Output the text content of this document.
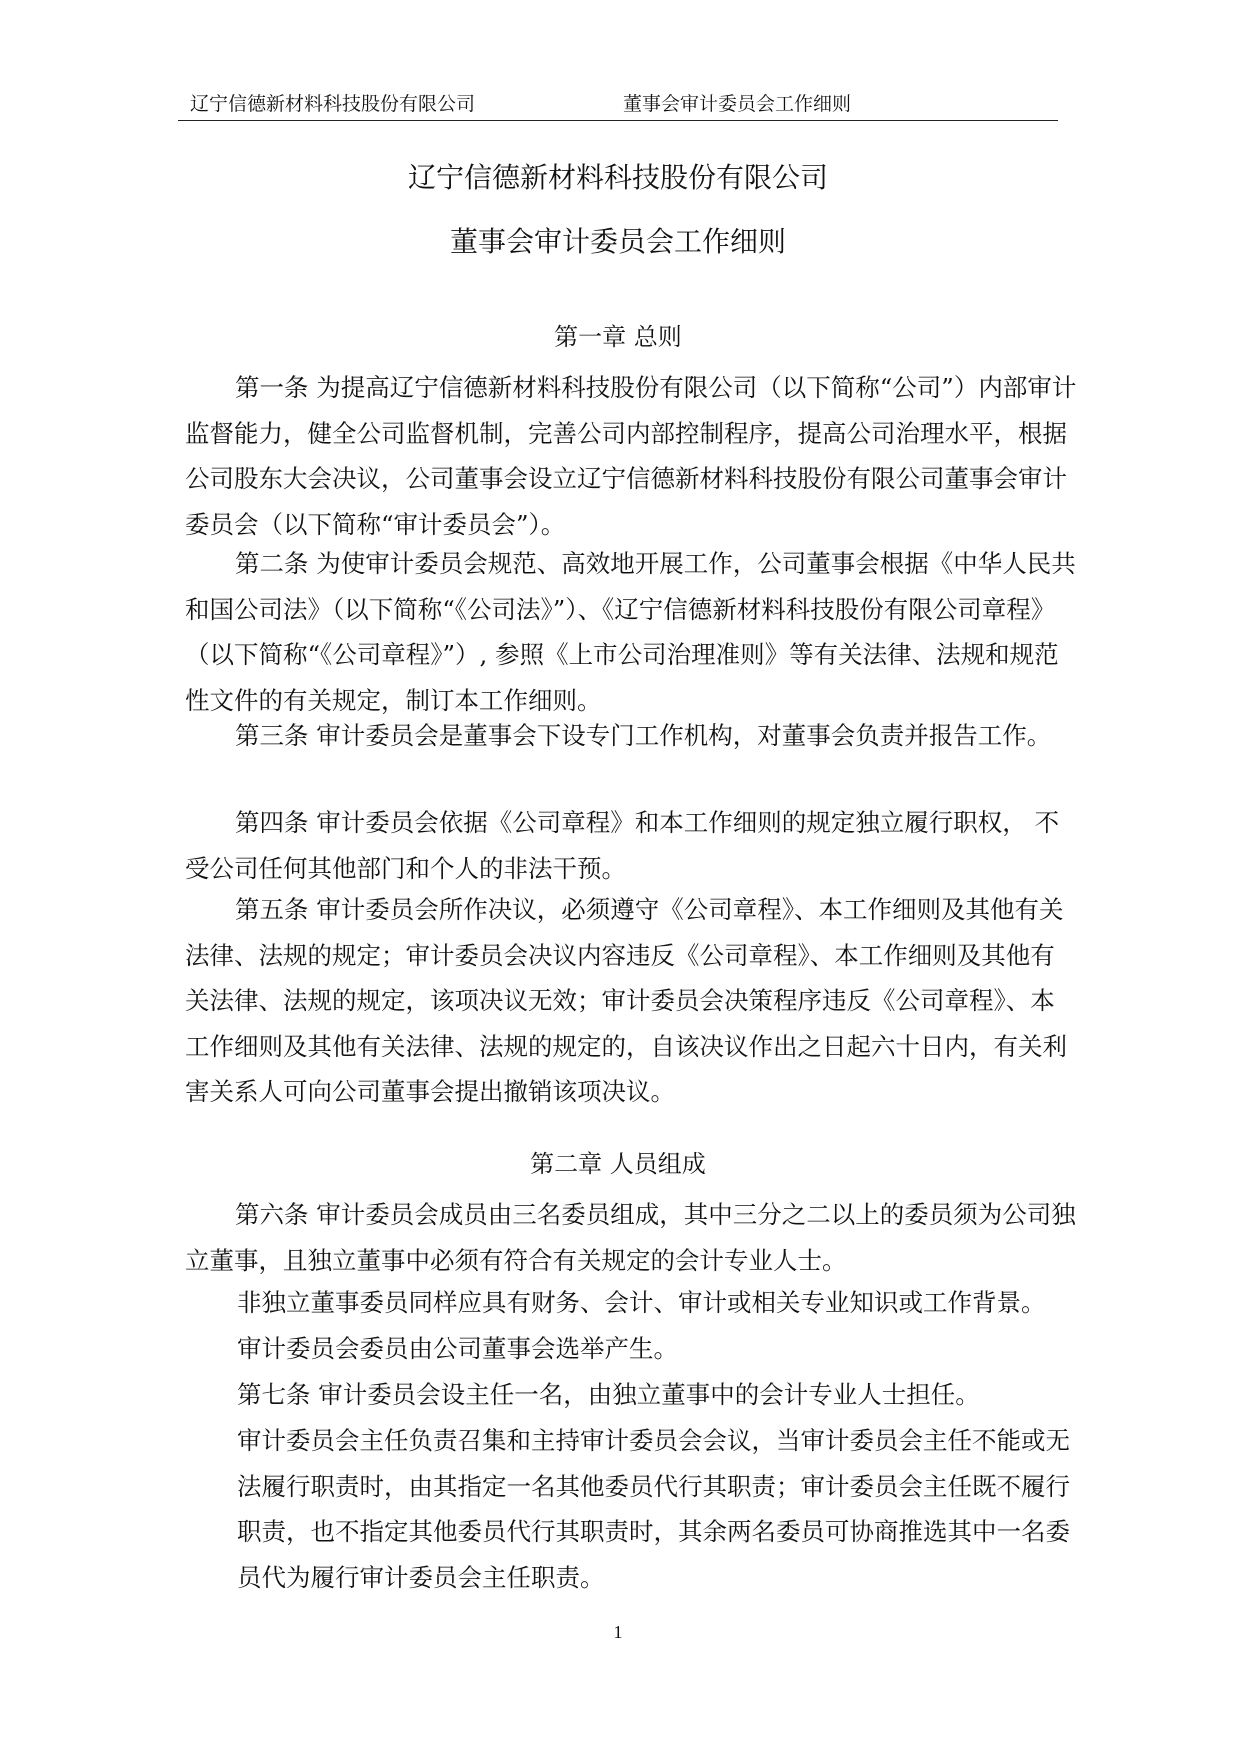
辽宁信德新材料科技股份有限公司	董事会审计委员会工作细则
辽宁信德新材料科技股份有限公司
董事会审计委员会工作细则
第一章 总则
第一条 为提高辽宁信德新材料科技股份有限公司（以下简称“公司”）内部审计监督能力，健全公司监督机制，完善公司内部控制程序，提高公司治理水平，根据公司股东大会决议，公司董事会设立辽宁信德新材料科技股份有限公司董事会审计委员会（以下简称“审计委员会”）。
第二条 为使审计委员会规范、高效地开展工作，公司董事会根据《中华人民共和国公司法》（以下简称“《公司法》”）、《辽宁信德新材料科技股份有限公司章程》（以下简称“《公司章程》”）, 参照《上市公司治理准则》等有关法律、法规和规范性文件的有关规定，制订本工作细则。
第三条 审计委员会是董事会下设专门工作机构，对董事会负责并报告工作。
第四条 审计委员会依据《公司章程》和本工作细则的规定独立履行职权， 不受公司任何其他部门和个人的非法干预。
第五条 审计委员会所作决议，必须遵守《公司章程》、本工作细则及其他有关法律、法规的规定；审计委员会决议内容违反《公司章程》、本工作细则及其他有关法律、法规的规定，该项决议无效；审计委员会决策程序违反《公司章程》、本工作细则及其他有关法律、法规的规定的，自该决议作出之日起六十日内，有关利害关系人可向公司董事会提出撤销该项决议。
第二章 人员组成
第六条 审计委员会成员由三名委员组成，其中三分之二以上的委员须为公司独立董事，且独立董事中必须有符合有关规定的会计专业人士。
非独立董事委员同样应具有财务、会计、审计或相关专业知识或工作背景。
审计委员会委员由公司董事会选举产生。
第七条 审计委员会设主任一名，由独立董事中的会计专业人士担任。
审计委员会主任负责召集和主持审计委员会会议，当审计委员会主任不能或无法履行职责时，由其指定一名其他委员代行其职责；审计委员会主任既不履行职责，也不指定其他委员代行其职责时，其余两名委员可协商推选其中一名委员代为履行审计委员会主任职责。
1
